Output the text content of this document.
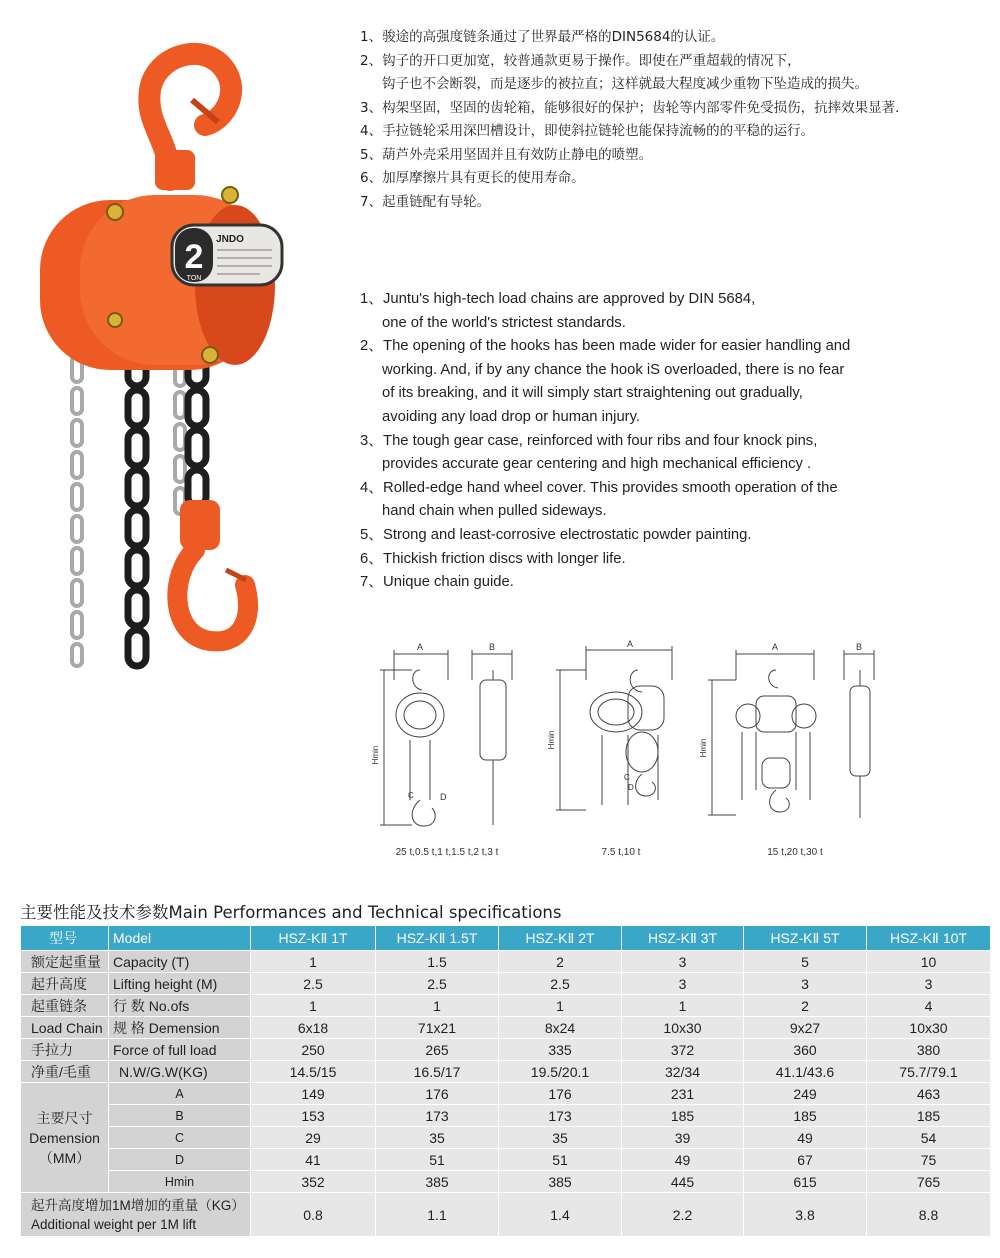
2
TON
JNDO
1、骏途的高强度链条通过了世界最严格的DIN5684的认证。
2、钩子的开口更加宽，较普通款更易于操作。即使在严重超载的情况下，
钩子也不会断裂，而是逐步的被拉直；这样就最大程度减少重物下坠造成的损失。
3、构架坚固，坚固的齿轮箱，能够很好的保护；齿轮等内部零件免受损伤，抗摔效果显著．
4、手拉链轮采用深凹槽设计，即使斜拉链轮也能保持流畅的的平稳的运行。
5、葫芦外壳采用坚固并且有效防止静电的喷塑。
6、加厚摩擦片具有更长的使用寿命。
7、起重链配有导轮。
1、Juntu's high-tech load chains are approved by DIN 5684,
one of the world's strictest standards.
2、The opening of the hooks has been made wider for easier handling and
working. And, if by any chance the hook iS overloaded, there is no fear
of its breaking, and it will simply start straightening out gradually,
avoiding any load drop or human injury.
3、The tough gear case, reinforced with four ribs and four knock pins,
provides accurate gear centering and high mechanical efficiency .
4、Rolled-edge hand wheel cover. This provides smooth operation of the
hand chain when pulled sideways.
5、Strong and least-corrosive electrostatic powder painting.
6、Thickish friction discs with longer life.
7、Unique chain guide.
A	B
Hmin
C	D
25 t,0.5 t,1 t,1.5 t,2 t,3 t
A
Hmin
C
D
7.5 t,10 t
A	B
Hmin
15 t,20 t,30 t
主要性能及技术参数Main Performances and Technical specifications
型号	Model	HSZ-KⅡ 1T	HSZ-KⅡ 1.5T	HSZ-KⅡ 2T	HSZ-KⅡ 3T	HSZ-KⅡ 5T	HSZ-KⅡ 10T
额定起重量	Capacity (T)	1	1.5	2	3	5	10
起升高度	Lifting height (M)	2.5	2.5	2.5	3	3	3
起重链条	行 数 No.ofs	1	1	1	1	2	4
Load Chain	规 格 Demension	6x18	71x21	8x24	10x30	9x27	10x30
手拉力	Force of full load	250	265	335	372	360	380
净重/毛重	N.W/G.W(KG)	14.5/15	16.5/17	19.5/20.1	32/34	41.1/43.6	75.7/79.1

主要尺寸
Demension
（MM）	A	149	176	176	231	249	463
	B	153	173	173	185	185	185
	C	29	35	35	39	49	54
	D	41	51	51	49	67	75
	Hmin	352	385	385	445	615	765

起升高度增加1M增加的重量（KG）
Additional weight per 1M lift		0.8	1.1	1.4	2.2	3.8	8.8
